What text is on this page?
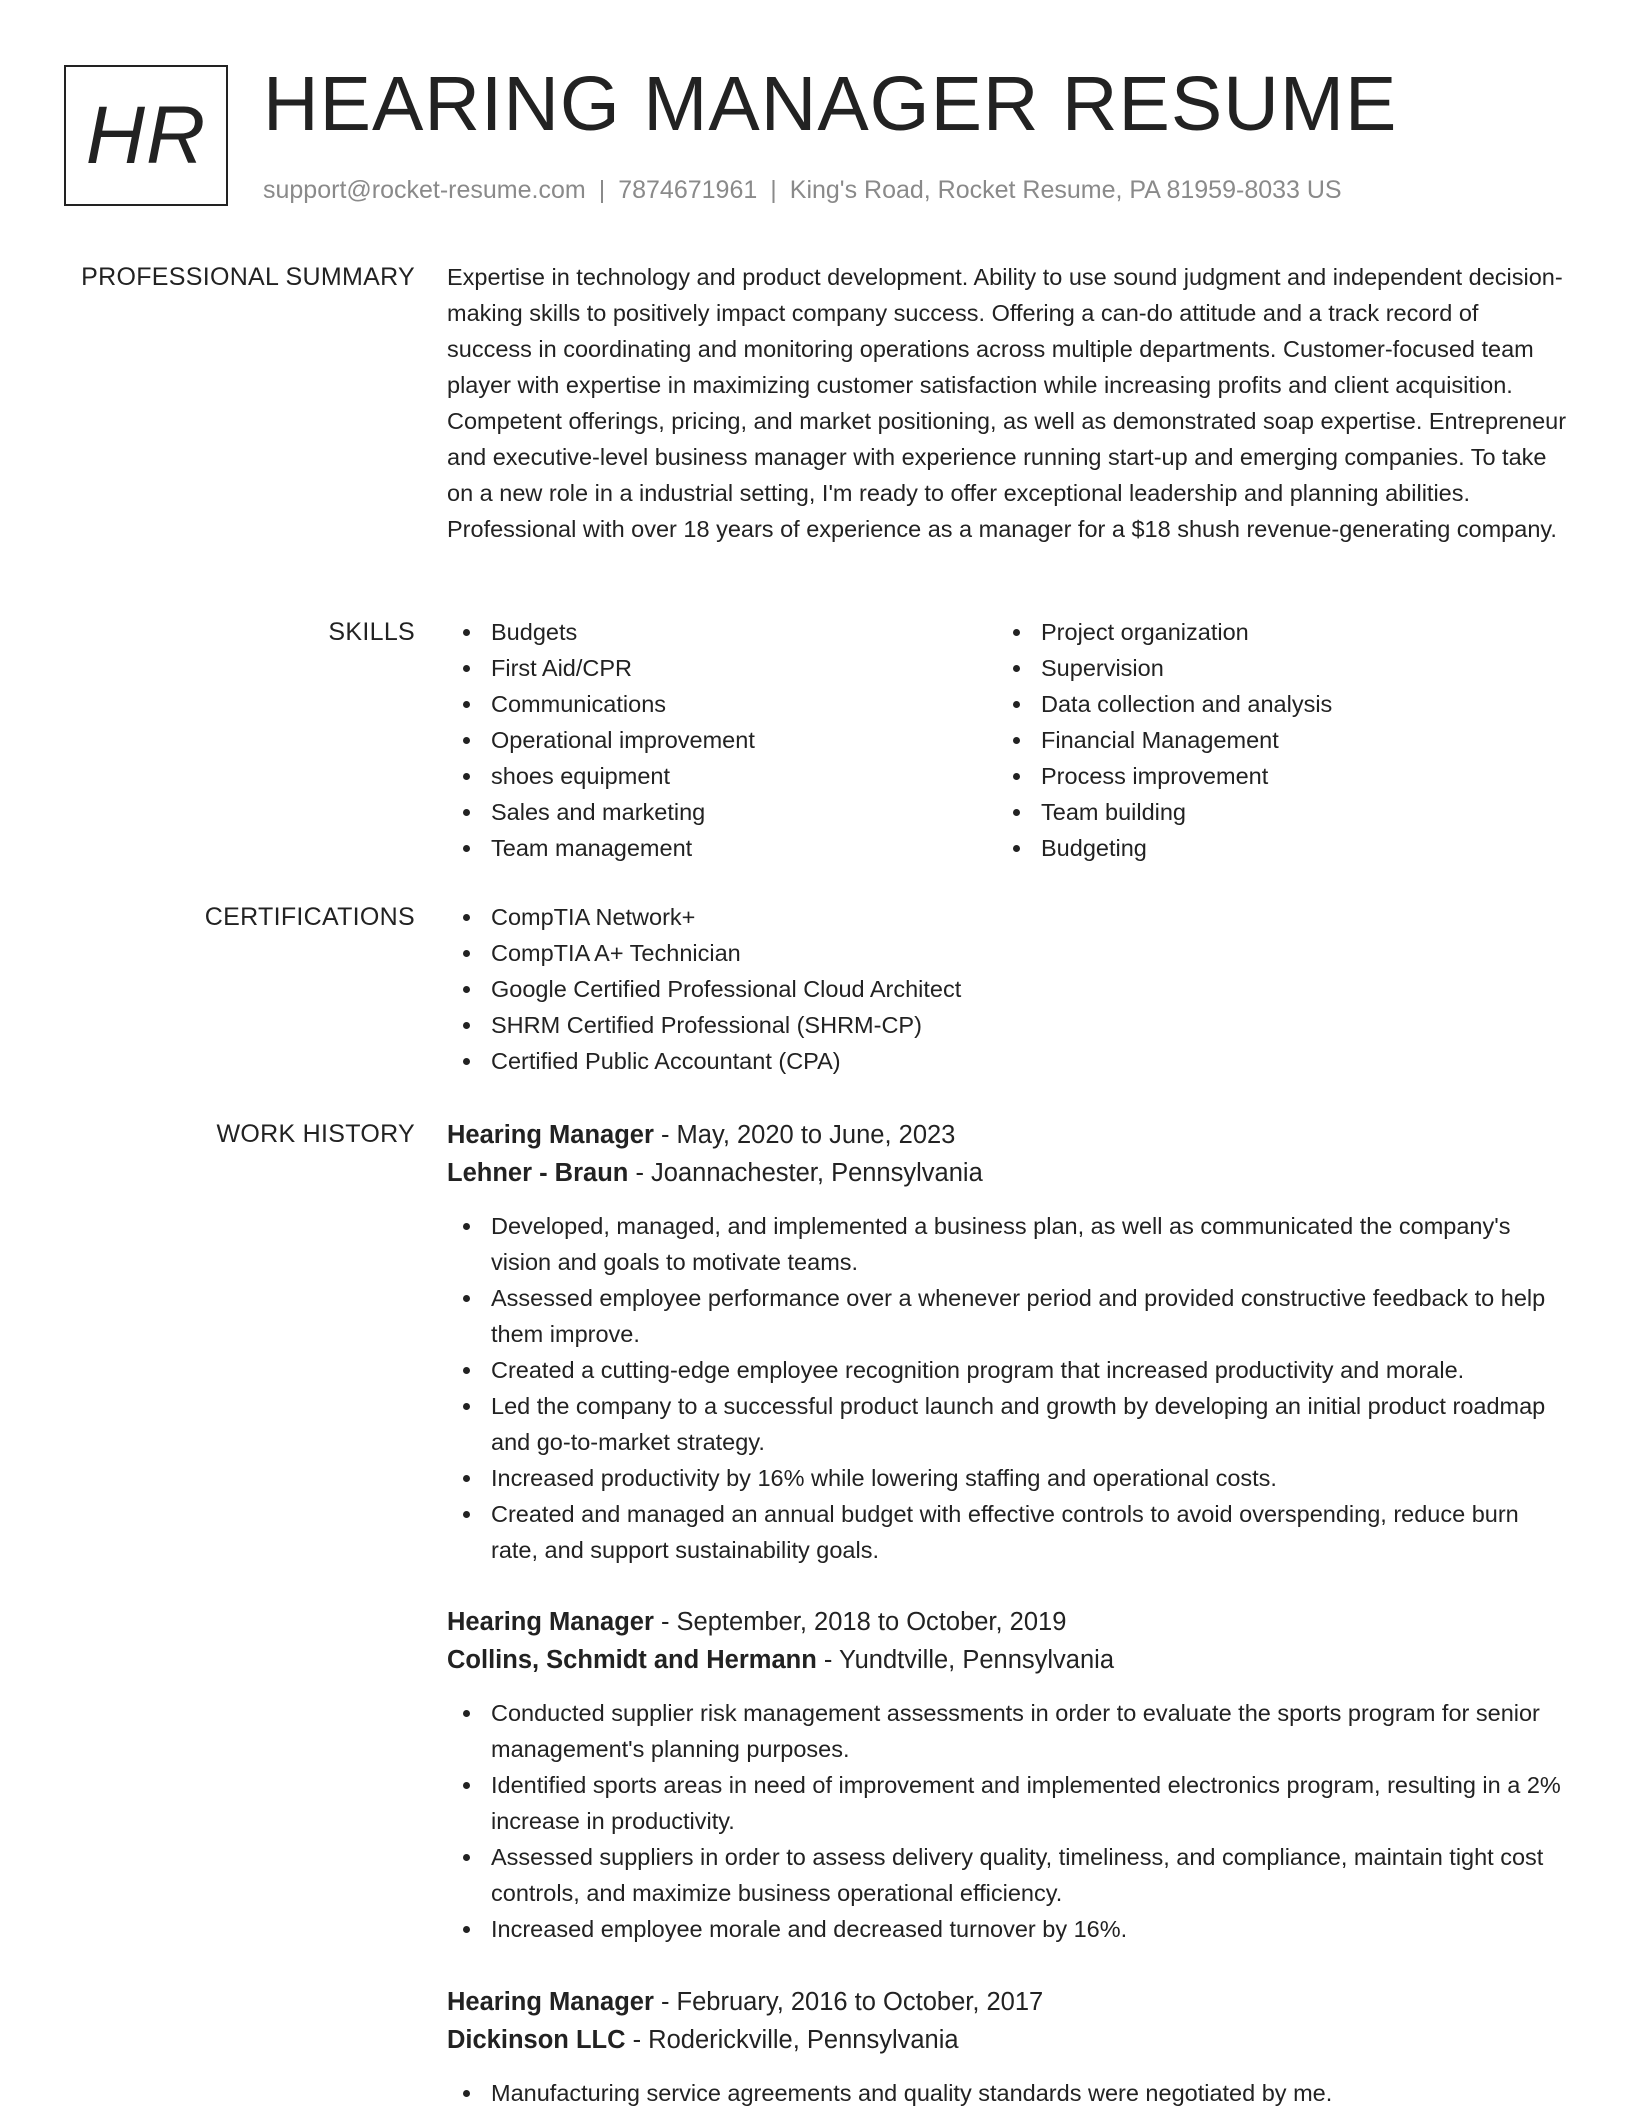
HR HEARING MANAGER RESUME
support@rocket-resume.com | 7874671961 | King's Road, Rocket Resume, PA 81959-8033 US
PROFESSIONAL SUMMARY Expertise in technology and product development. Ability to use sound judgment and independent decision-making skills to positively impact company success. Offering a can-do attitude and a track record of success in coordinating and monitoring operations across multiple departments. Customer-focused team player with expertise in maximizing customer satisfaction while increasing profits and client acquisition. Competent offerings, pricing, and market positioning, as well as demonstrated soap expertise. Entrepreneur and executive-level business manager with experience running start-up and emerging companies. To take on a new role in a industrial setting, I'm ready to offer exceptional leadership and planning abilities. Professional with over 18 years of experience as a manager for a $18 shush revenue-generating company.
SKILLS	Budgets
First Aid/CPR
Communications
Operational improvement
shoes equipment
Sales and marketing
Team management
Project organization
Supervision
Data collection and analysis
Financial Management
Process improvement
Team building
Budgeting
CERTIFICATIONS	CompTIA Network+
CompTIA A+ Technician
Google Certified Professional Cloud Architect
SHRM Certified Professional (SHRM-CP)
Certified Public Accountant (CPA)
WORK HISTORY Hearing Manager - May, 2020 to June, 2023
Lehner - Braun - Joannachester, Pennsylvania
Developed, managed, and implemented a business plan, as well as communicated the company's vision and goals to motivate teams.
Assessed employee performance over a whenever period and provided constructive feedback to help them improve.
Created a cutting-edge employee recognition program that increased productivity and morale.
Led the company to a successful product launch and growth by developing an initial product roadmap and go-to-market strategy.
Increased productivity by 16% while lowering staffing and operational costs.
Created and managed an annual budget with effective controls to avoid overspending, reduce burn rate, and support sustainability goals.
Hearing Manager - September, 2018 to October, 2019
Collins, Schmidt and Hermann - Yundtville, Pennsylvania
Conducted supplier risk management assessments in order to evaluate the sports program for senior management's planning purposes.
Identified sports areas in need of improvement and implemented electronics program, resulting in a 2% increase in productivity.
Assessed suppliers in order to assess delivery quality, timeliness, and compliance, maintain tight cost controls, and maximize business operational efficiency.
Increased employee morale and decreased turnover by 16%.
Hearing Manager - February, 2016 to October, 2017
Dickinson LLC - Roderickville, Pennsylvania
Manufacturing service agreements and quality standards were negotiated by me.
